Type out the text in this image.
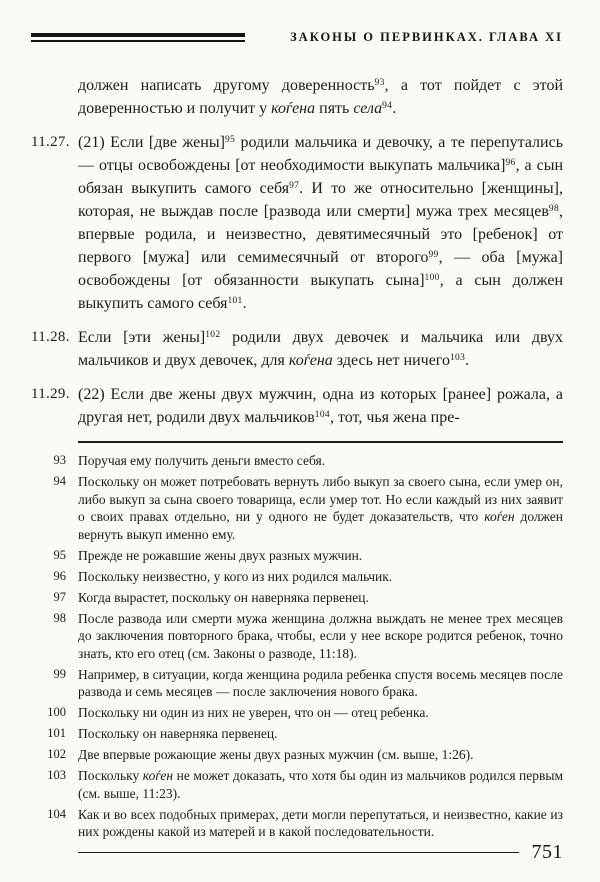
ЗАКОНЫ О ПЕРВИНКАХ. ГЛАВА XI
должен написать другому доверенность$^{93}$, а тот пойдет с этой доверенностью и получит у коѓена пять села$^{94}$.
11.27. (21) Если [две жены]$^{95}$ родили мальчика и девочку, а те перепутались — отцы освобождены [от необходимости выкупать мальчика]$^{96}$, а сын обязан выкупить самого себя$^{97}$. И то же относительно [женщины], которая, не выждав после [развода или смерти] мужа трех месяцев$^{98}$, впервые родила, и неизвестно, девятимесячный это [ребенок] от первого [мужа] или семимесячный от второго$^{99}$, — оба [мужа] освобождены [от обязанности выкупать сына]$^{100}$, а сын должен выкупить самого себя$^{101}$.
11.28. Если [эти жены]$^{102}$ родили двух девочек и мальчика или двух мальчиков и двух девочек, для коѓена здесь нет ничего$^{103}$.
11.29. (22) Если две жены двух мужчин, одна из которых [ранее] рожала, а другая нет, родили двух мальчиков$^{104}$, тот, чья жена пре-
93 Поручая ему получить деньги вместо себя.
94 Поскольку он может потребовать вернуть либо выкуп за своего сына, если умер он, либо выкуп за сына своего товарища, если умер тот. Но если каждый из них заявит о своих правах отдельно, ни у одного не будет доказательств, что коѓен должен вернуть выкуп именно ему.
95 Прежде не рожавшие жены двух разных мужчин.
96 Поскольку неизвестно, у кого из них родился мальчик.
97 Когда вырастет, поскольку он наверняка первенец.
98 После развода или смерти мужа женщина должна выждать не менее трех месяцев до заключения повторного брака, чтобы, если у нее вскоре родится ребенок, точно знать, кто его отец (см. Законы о разводе, 11:18).
99 Например, в ситуации, когда женщина родила ребенка спустя восемь месяцев после развода и семь месяцев — после заключения нового брака.
100 Поскольку ни один из них не уверен, что он — отец ребенка.
101 Поскольку он наверняка первенец.
102 Две впервые рожающие жены двух разных мужчин (см. выше, 1:26).
103 Поскольку коѓен не может доказать, что хотя бы один из мальчиков родился первым (см. выше, 11:23).
104 Как и во всех подобных примерах, дети могли перепутаться, и неизвестно, какие из них рождены какой из матерей и в какой последовательности.
751
